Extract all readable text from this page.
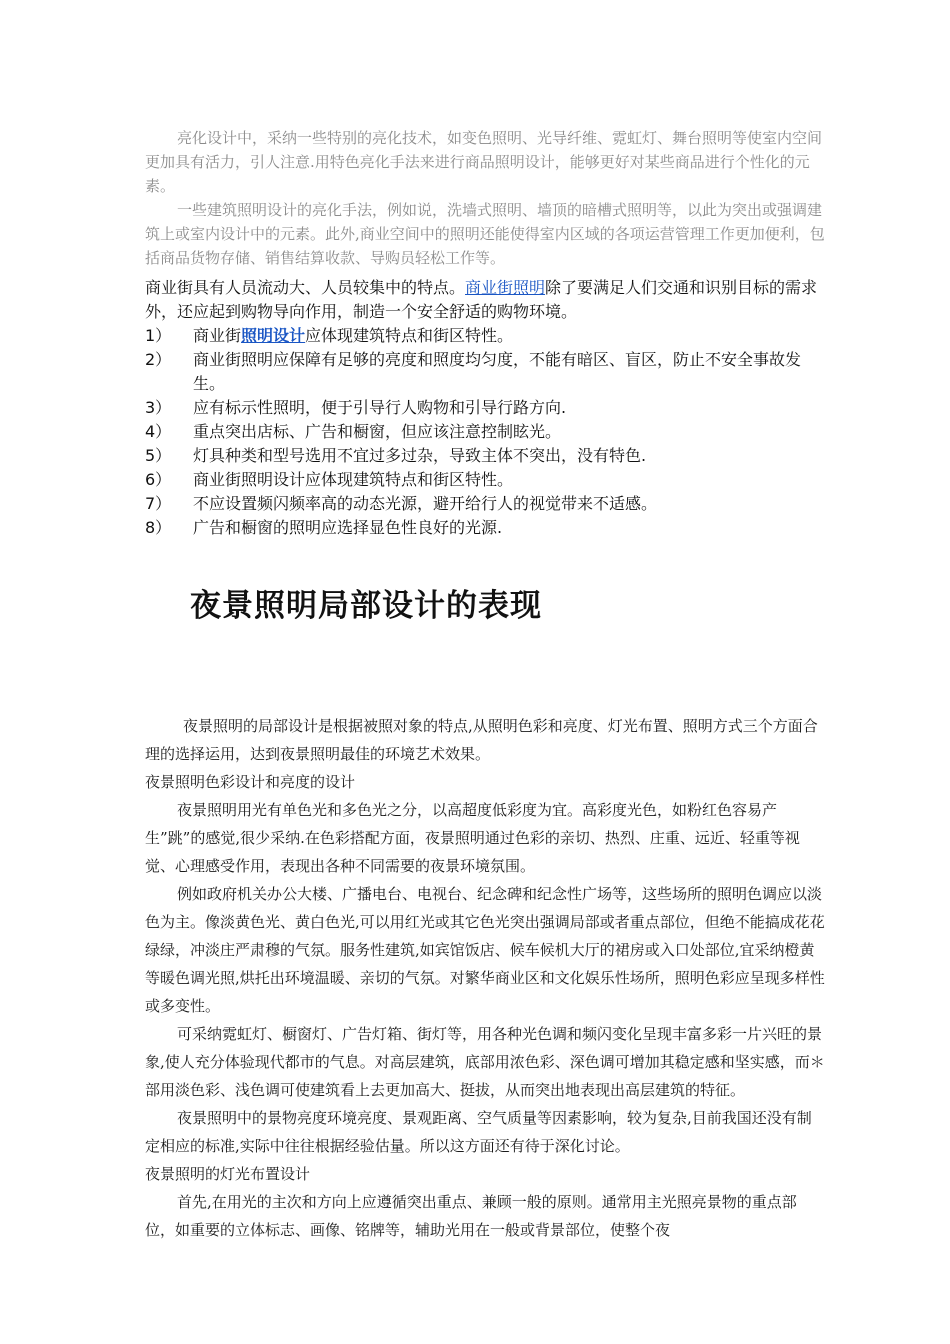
亮化设计中，采纳一些特别的亮化技术，如变色照明、光导纤维、霓虹灯、舞台照明等使室内空间更加具有活力，引人注意.用特色亮化手法来进行商品照明设计，能够更好对某些商品进行个性化的元素。

一些建筑照明设计的亮化手法，例如说，洗墙式照明、墙顶的暗槽式照明等，以此为突出或强调建筑上或室内设计中的元素。此外,商业空间中的照明还能使得室内区域的各项运营管理工作更加便利，包括商品货物存储、销售结算收款、导购员轻松工作等。

商业街具有人员流动大、人员较集中的特点。商业街照明除了要满足人们交通和识别目标的需求外，还应起到购物导向作用，制造一个安全舒适的购物环境。

1）	商业街照明设计应体现建筑特点和街区特性。
2）	商业街照明应保障有足够的亮度和照度均匀度，不能有暗区、盲区，防止不安全事故发生。
3）	应有标示性照明，便于引导行人购物和引导行路方向.
4）	重点突出店标、广告和橱窗，但应该注意控制眩光。
5）	灯具种类和型号选用不宜过多过杂，导致主体不突出，没有特色.
6）	商业街照明设计应体现建筑特点和街区特性。
7）	不应设置频闪频率高的动态光源，避开给行人的视觉带来不适感。
8）	广告和橱窗的照明应选择显色性良好的光源.
夜景照明局部设计的表现

夜景照明的局部设计是根据被照对象的特点,从照明色彩和亮度、灯光布置、照明方式三个方面合理的选择运用，达到夜景照明最佳的环境艺术效果。

夜景照明色彩设计和亮度的设计

夜景照明用光有单色光和多色光之分，以高超度低彩度为宜。高彩度光色，如粉红色容易产生”跳”的感觉,很少采纳.在色彩搭配方面，夜景照明通过色彩的亲切、热烈、庄重、远近、轻重等视觉、心理感受作用，表现出各种不同需要的夜景环境氛围。

例如政府机关办公大楼、广播电台、电视台、纪念碑和纪念性广场等，这些场所的照明色调应以淡色为主。像淡黄色光、黄白色光,可以用红光或其它色光突出强调局部或者重点部位，但绝不能搞成花花绿绿，冲淡庄严肃穆的气氛。服务性建筑,如宾馆饭店、候车候机大厅的裙房或入口处部位,宜采纳橙黄等暖色调光照,烘托出环境温暖、亲切的气氛。对繁华商业区和文化娱乐性场所，照明色彩应呈现多样性或多变性。

可采纳霓虹灯、橱窗灯、广告灯箱、街灯等，用各种光色调和频闪变化呈现丰富多彩一片兴旺的景象,使人充分体验现代都市的气息。对高层建筑，底部用浓色彩、深色调可增加其稳定感和坚实感，而＊部用淡色彩、浅色调可使建筑看上去更加高大、挺拔，从而突出地表现出高层建筑的特征。

夜景照明中的景物亮度环境亮度、景观距离、空气质量等因素影响，较为复杂,目前我国还没有制定相应的标准,实际中往往根据经验估量。所以这方面还有待于深化讨论。

夜景照明的灯光布置设计

首先,在用光的主次和方向上应遵循突出重点、兼顾一般的原则。通常用主光照亮景物的重点部位，如重要的立体标志、画像、铭牌等，辅助光用在一般或背景部位，使整个夜
